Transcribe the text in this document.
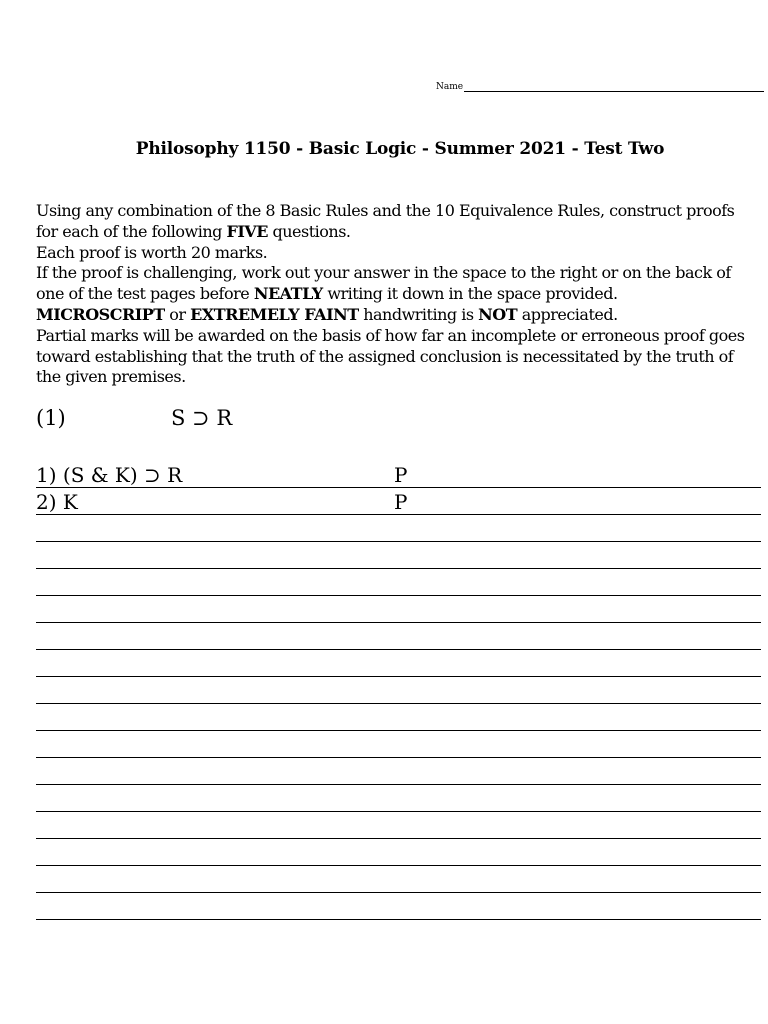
Name
Philosophy 1150 - Basic Logic - Summer 2021 - Test Two

Using any combination of the 8 Basic Rules and the 10 Equivalence Rules, construct proofs for each of the following FIVE questions.

Each proof is worth 20 marks.

If the proof is challenging, work out your answer in the space to the right or on the back of one of the test pages before NEATLY writing it down in the space provided.

MICROSCRIPT or EXTREMELY FAINT handwriting is NOT appreciated.

Partial marks will be awarded on the basis of how far an incomplete or erroneous proof goes toward establishing that the truth of the assigned conclusion is necessitated by the truth of the given premises.

(1)	S ⊃ R
1) (S & K) ⊃ R	P
2) K	P
